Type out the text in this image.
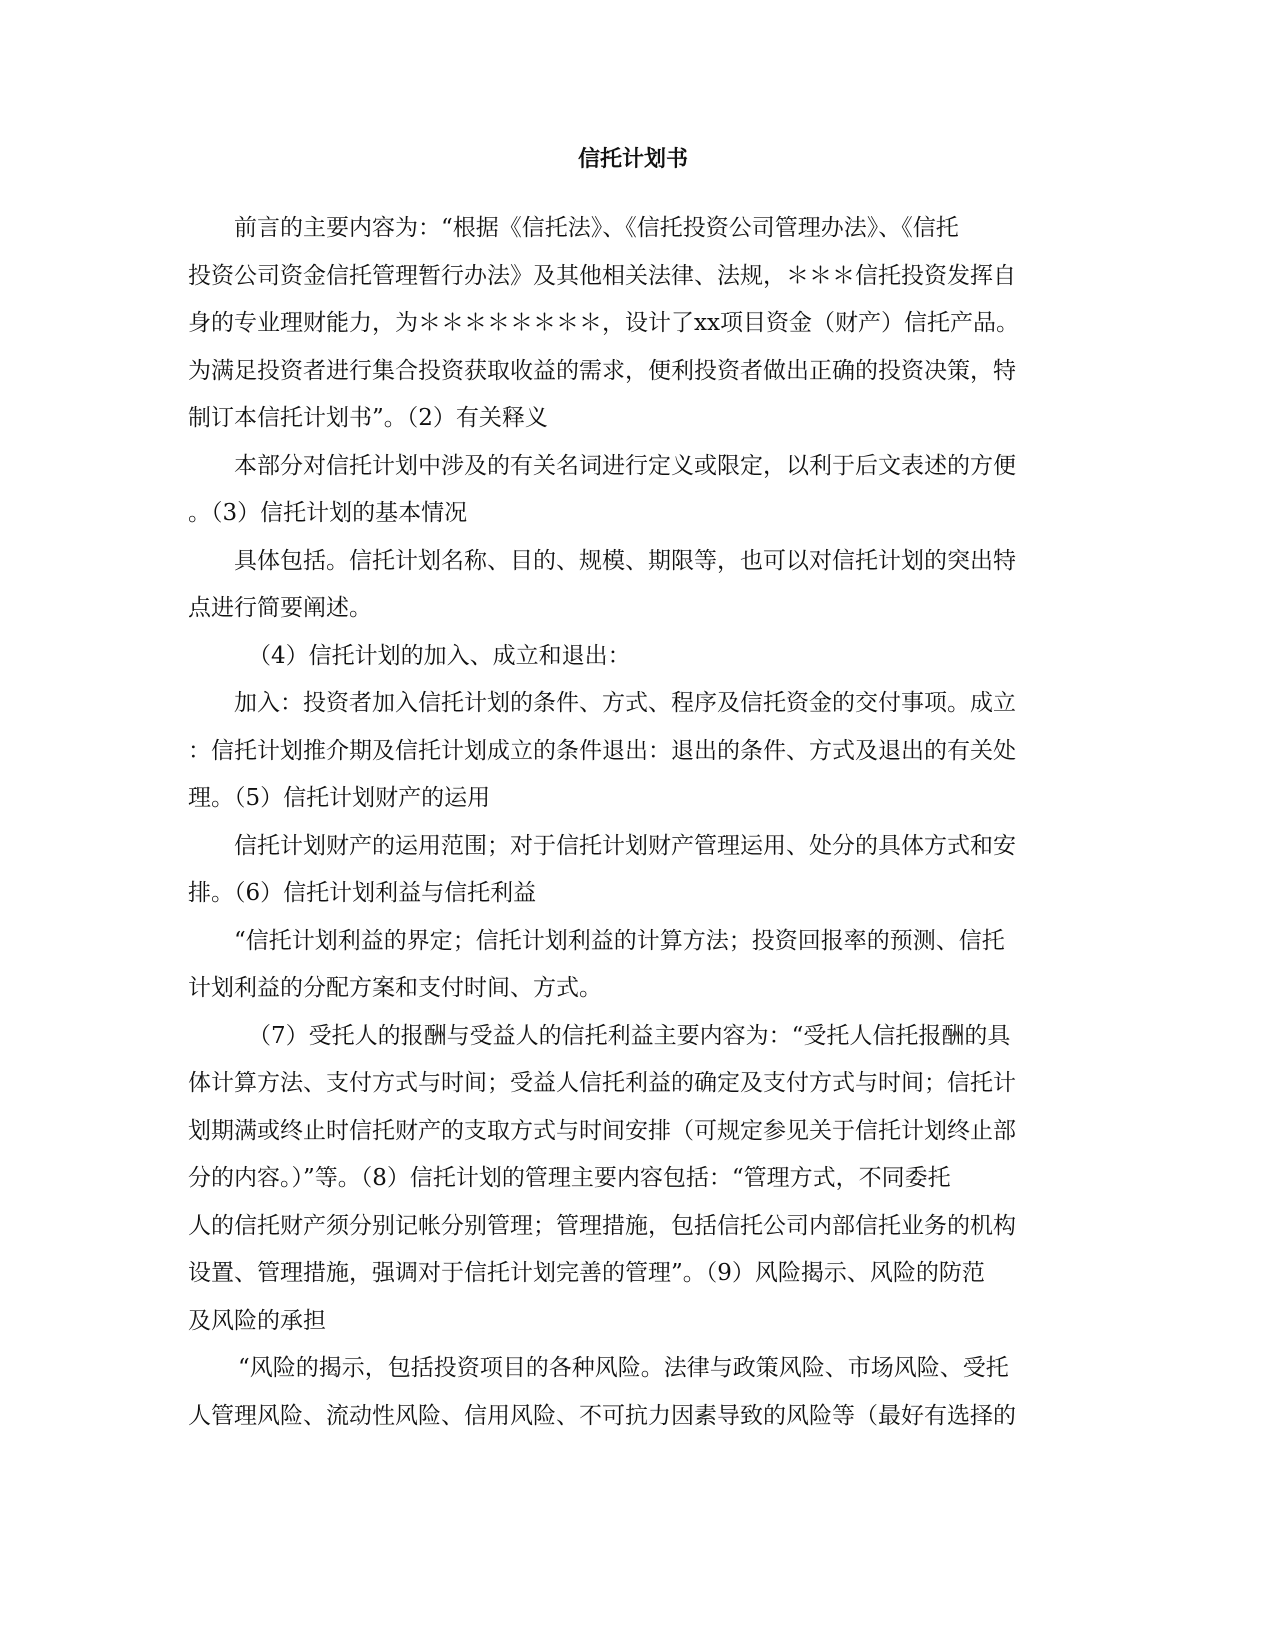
信托计划书

前言的主要内容为：“根据《信托法》、《信托投资公司管理办法》、《信托
投资公司资金信托管理暂行办法》及其他相关法律、法规，＊＊＊信托投资发挥自
身的专业理财能力，为＊＊＊＊＊＊＊＊，设计了xx项目资金（财产）信托产品。
为满足投资者进行集合投资获取收益的需求，便利投资者做出正确的投资决策，特
制订本信托计划书”。（2）有关释义

本部分对信托计划中涉及的有关名词进行定义或限定，以利于后文表述的方便
。（3）信托计划的基本情况

具体包括。信托计划名称、目的、规模、期限等，也可以对信托计划的突出特
点进行简要阐述。

（4）信托计划的加入、成立和退出：

加入：投资者加入信托计划的条件、方式、程序及信托资金的交付事项。成立
：信托计划推介期及信托计划成立的条件退出：退出的条件、方式及退出的有关处
理。（5）信托计划财产的运用

信托计划财产的运用范围；对于信托计划财产管理运用、处分的具体方式和安
排。（6）信托计划利益与信托利益

“信托计划利益的界定；信托计划利益的计算方法；投资回报率的预测、信托
计划利益的分配方案和支付时间、方式。

（7）受托人的报酬与受益人的信托利益主要内容为：“受托人信托报酬的具
体计算方法、支付方式与时间；受益人信托利益的确定及支付方式与时间；信托计
划期满或终止时信托财产的支取方式与时间安排（可规定参见关于信托计划终止部
分的内容。）”等。（8）信托计划的管理主要内容包括：“管理方式，不同委托
人的信托财产须分别记帐分别管理；管理措施，包括信托公司内部信托业务的机构
设置、管理措施，强调对于信托计划完善的管理”。（9）风险揭示、风险的防范
及风险的承担

“风险的揭示，包括投资项目的各种风险。法律与政策风险、市场风险、受托
人管理风险、流动性风险、信用风险、不可抗力因素导致的风险等（最好有选择的
